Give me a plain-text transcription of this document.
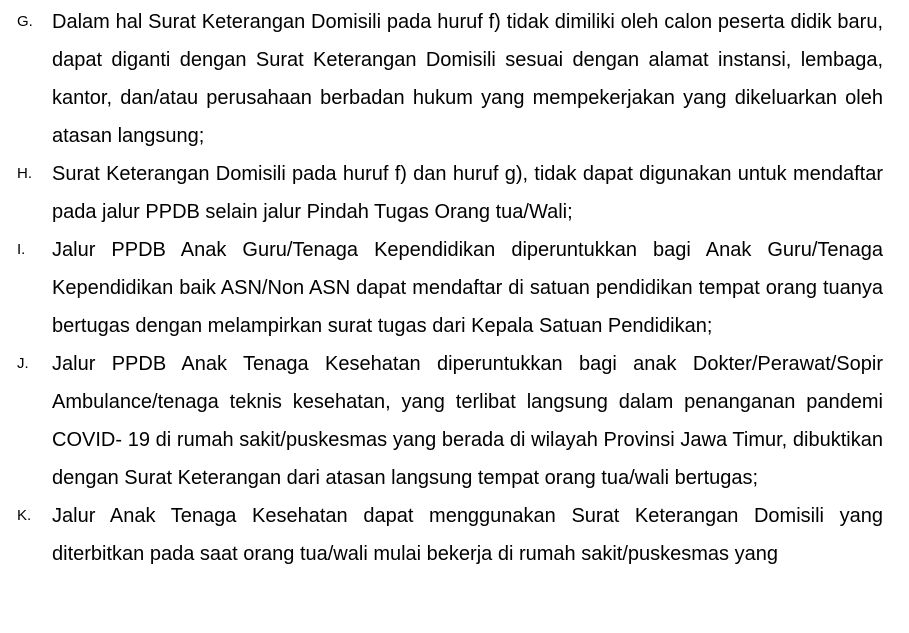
G. Dalam hal Surat Keterangan Domisili pada huruf f) tidak dimiliki oleh calon peserta didik baru, dapat diganti dengan Surat Keterangan Domisili sesuai dengan alamat instansi, lembaga, kantor, dan/atau perusahaan berbadan hukum yang mempekerjakan yang dikeluarkan oleh atasan langsung;

H. Surat Keterangan Domisili pada huruf f) dan huruf g), tidak dapat digunakan untuk mendaftar pada jalur PPDB selain jalur Pindah Tugas Orang tua/Wali;

I. Jalur PPDB Anak Guru/Tenaga Kependidikan diperuntukkan bagi Anak Guru/Tenaga Kependidikan baik ASN/Non ASN dapat mendaftar di satuan pendidikan tempat orang tuanya bertugas dengan melampirkan surat tugas dari Kepala Satuan Pendidikan;

J. Jalur PPDB Anak Tenaga Kesehatan diperuntukkan bagi anak Dokter/Perawat/Sopir Ambulance/tenaga teknis kesehatan, yang terlibat langsung dalam penanganan pandemi COVID- 19 di rumah sakit/puskesmas yang berada di wilayah Provinsi Jawa Timur, dibuktikan dengan Surat Keterangan dari atasan langsung tempat orang tua/wali bertugas;

K. Jalur Anak Tenaga Kesehatan dapat menggunakan Surat Keterangan Domisili yang diterbitkan pada saat orang tua/wali mulai bekerja di rumah sakit/puskesmas yang
